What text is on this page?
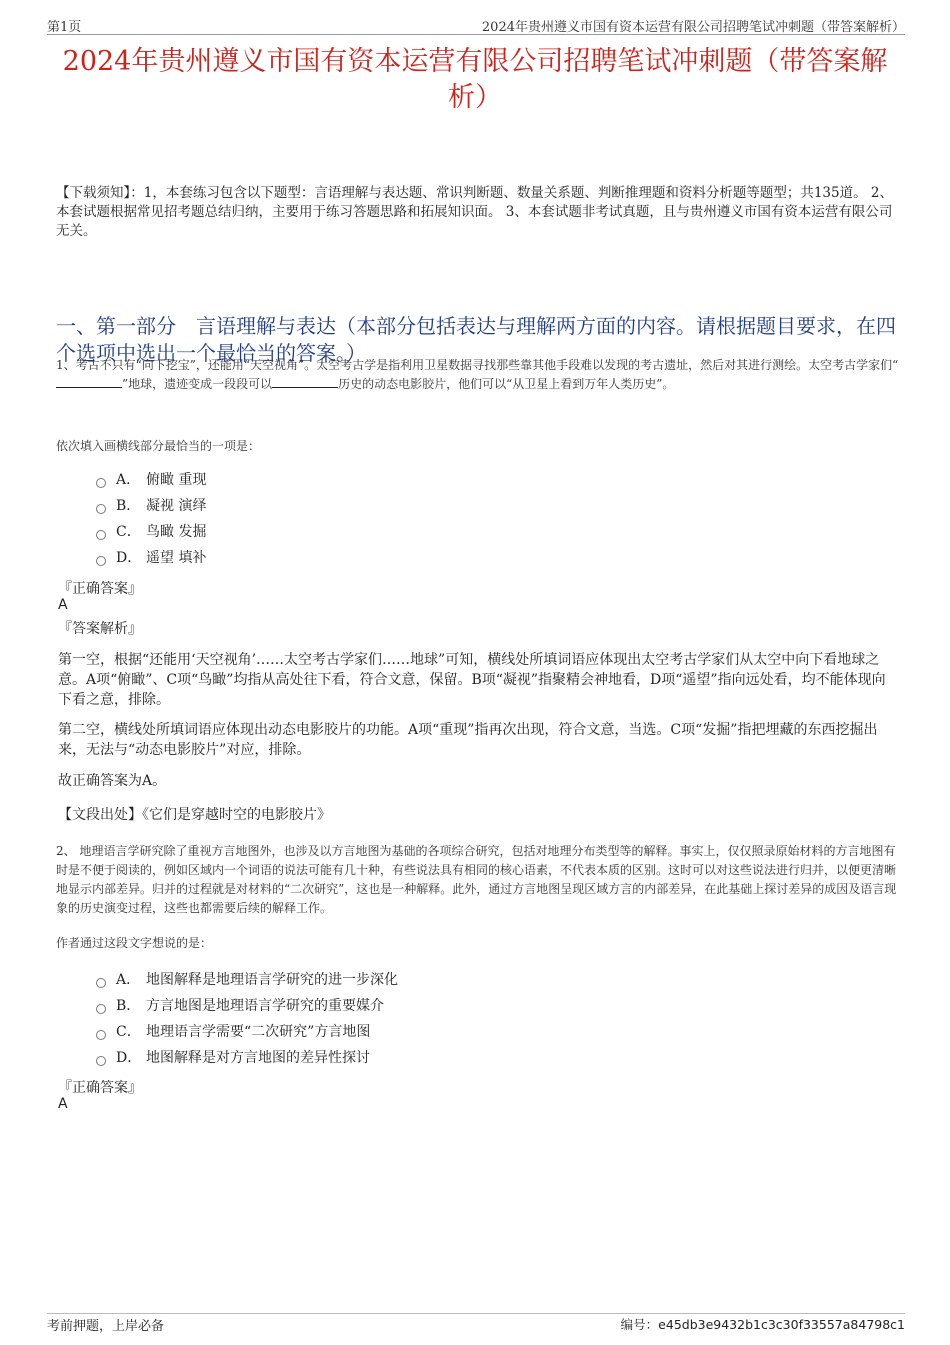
第1页	2024年贵州遵义市国有资本运营有限公司招聘笔试冲刺题（带答案解析）
2024年贵州遵义市国有资本运营有限公司招聘笔试冲刺题（带答案解析）
【下载须知】：1，本套练习包含以下题型：言语理解与表达题、常识判断题、数量关系题、判断推理题和资料分析题等题型；共135道。 2、本套试题根据常见招考题总结归纳，主要用于练习答题思路和拓展知识面。 3、本套试题非考试真题，且与贵州遵义市国有资本运营有限公司无关。
一、第一部分　言语理解与表达（本部分包括表达与理解两方面的内容。请根据题目要求，在四个选项中选出一个最恰当的答案。）
1、考古不只有“向下挖宝”，还能用“天空视角”。太空考古学是指利用卫星数据寻找那些靠其他手段难以发现的考古遗址，然后对其进行测绘。太空考古学家们“”地球，遗迹变成一段段可以	历史的动态电影胶片，他们可以“从卫星上看到万年人类历史”。
依次填入画横线部分最恰当的一项是：
A． 俯瞰 重现
B． 凝视 演绎
C． 鸟瞰 发掘
D． 遥望 填补
『正确答案』
A
『答案解析』
第一空，根据“还能用‘天空视角’……太空考古学家们……地球”可知，横线处所填词语应体现出太空考古学家们从太空中向下看地球之意。A项“俯瞰”、C项“鸟瞰”均指从高处往下看，符合文意，保留。B项“凝视”指聚精会神地看，D项“遥望”指向远处看，均不能体现向下看之意，排除。
第二空，横线处所填词语应体现出动态电影胶片的功能。A项“重现”指再次出现，符合文意，当选。C项“发掘”指把埋藏的东西挖掘出来，无法与“动态电影胶片”对应，排除。
故正确答案为A。
【文段出处】《它们是穿越时空的电影胶片》
2、 地理语言学研究除了重视方言地图外，也涉及以方言地图为基础的各项综合研究，包括对地理分布类型等的解释。事实上，仅仅照录原始材料的方言地图有时是不便于阅读的，例如区域内一个词语的说法可能有几十种，有些说法具有相同的核心语素，不代表本质的区别。这时可以对这些说法进行归并，以便更清晰地显示内部差异。归并的过程就是对材料的“二次研究”，这也是一种解释。此外，通过方言地图呈现区域方言的内部差异，在此基础上探讨差异的成因及语言现象的历史演变过程，这些也都需要后续的解释工作。
作者通过这段文字想说的是：
A． 地图解释是地理语言学研究的进一步深化
B． 方言地图是地理语言学研究的重要媒介
C． 地理语言学需要“二次研究”方言地图
D． 地图解释是对方言地图的差异性探讨
『正确答案』
A
考前押题，上岸必备	编号：e45db3e9432b1c3c30f33557a84798c1
